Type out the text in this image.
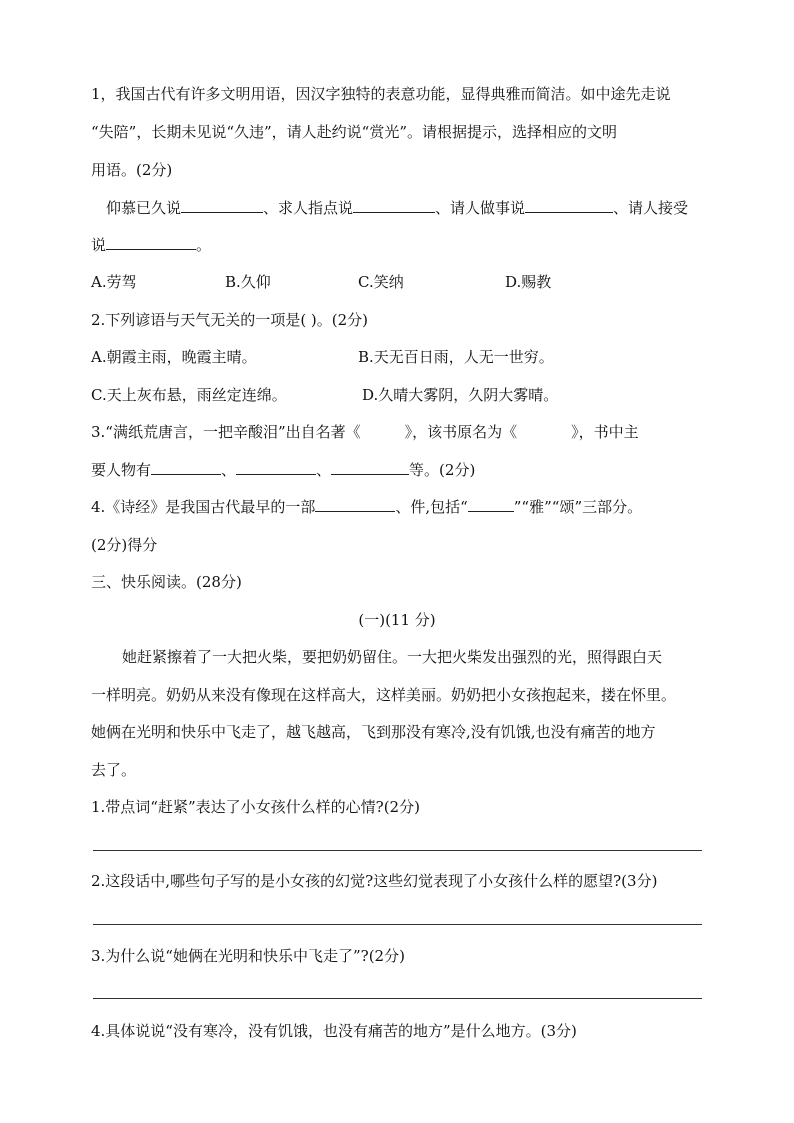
1，我国古代有许多文明用语，因汉字独特的表意功能，显得典雅而简洁。如中途先走说
“失陪”，长期未见说“久违”，请人赴约说“赏光”。请根据提示，选择相应的文明
用语。(2分)
仰慕已久说	、求人指点说	、请人做事说	、请人接受
说	。
A.劳驾	B.久仰	C.笑纳	D.赐教
2.下列谚语与天气无关的一项是( )。(2分)
A.朝霞主雨，晚霞主晴。	B.天无百日雨，人无一世穷。
C.天上灰布悬，雨丝定连绵。	D.久晴大雾阴，久阴大雾晴。
3.“满纸荒唐言，一把辛酸泪”出自名著《	》，该书原名为《	》，书中主
要人物有	、	、	等。(2分)
4.《诗经》是我国古代最早的一部	、件,包括“	”“雅”“颂”三部分。
(2分)得分
三、快乐阅读。(28分)
(一)(11 分)
她赶紧擦着了一大把火柴，要把奶奶留住。一大把火柴发出强烈的光，照得跟白天
一样明亮。奶奶从来没有像现在这样高大，这样美丽。奶奶把小女孩抱起来，搂在怀里。
她俩在光明和快乐中飞走了，越飞越高，飞到那没有寒冷,没有饥饿,也没有痛苦的地方
去了。
1.带点词“赶紧”表达了小女孩什么样的心情?(2分)
2.这段话中,哪些句子写的是小女孩的幻觉?这些幻觉表现了小女孩什么样的愿望?(3分)
3.为什么说“她俩在光明和快乐中飞走了”?(2分)
4.具体说说“没有寒冷，没有饥饿，也没有痛苦的地方”是什么地方。(3分)
